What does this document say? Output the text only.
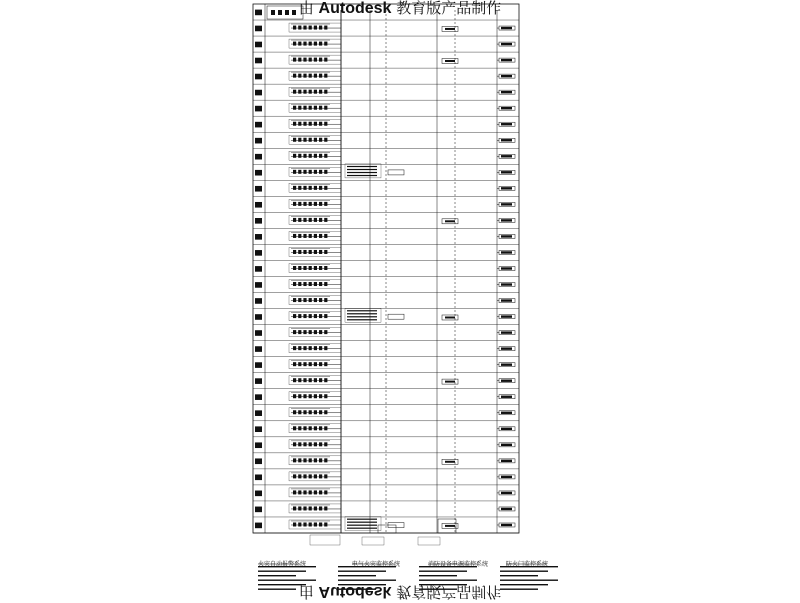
由 Autodesk 教育版产品制作
火灾自动报警系统	电气火灾监控系统	消防设备电源监控系统	防火门监控系统
由 Autodesk 教育版产品制作
